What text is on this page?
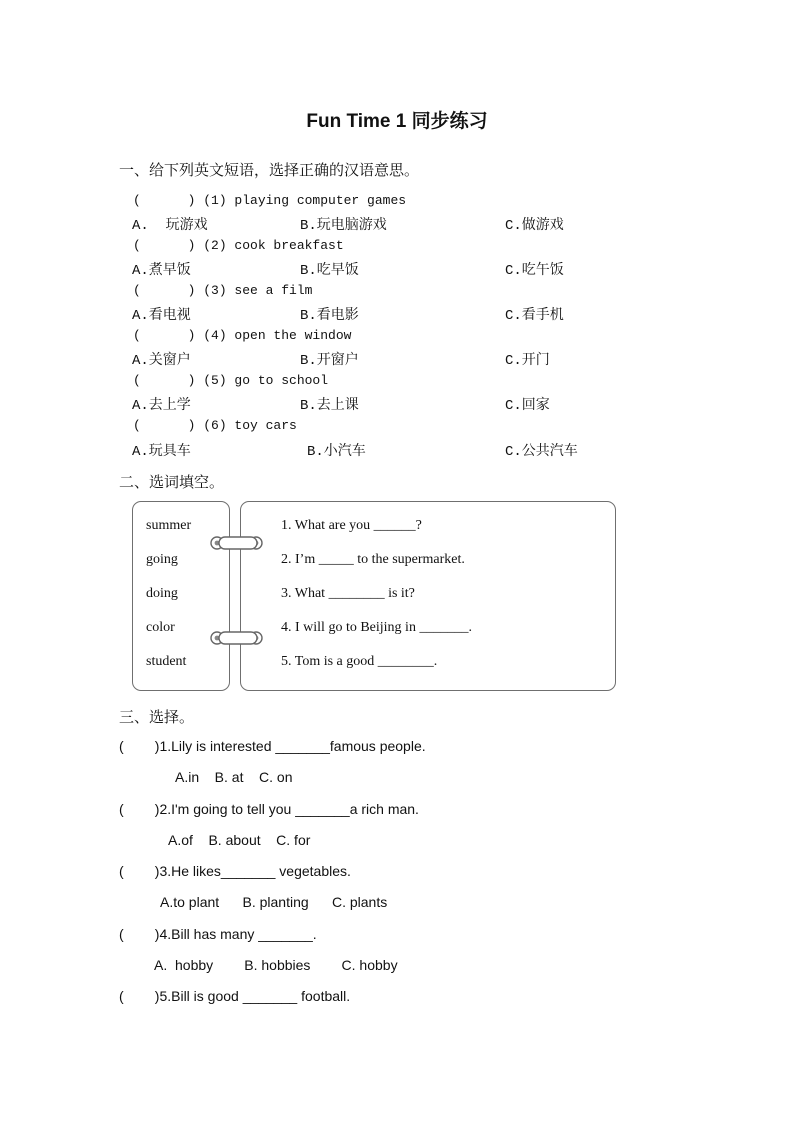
Fun Time 1 同步练习
一、给下列英文短语，选择正确的汉语意思。
(      ) (1) playing computer games
A.  玩游戏	B.玩电脑游戏	C.做游戏
(      ) (2) cook breakfast
A.煮早饭	B.吃早饭	C.吃午饭
(      ) (3) see a film
A.看电视	B.看电影	C.看手机
(      ) (4) open the window
A.关窗户	B.开窗户	C.开门
(      ) (5) go to school
A.去上学	B.去上课	C.回家
(      ) (6) toy cars
A.玩具车	B.小汽车	C.公共汽车
二、选词填空。
summer
going
doing
color
student
1. What are you ______?
2. I’m _____ to the supermarket.
3. What ________ is it?
4. I will go to Beijing in _______.
5. Tom is a good ________.
三、选择。
(        )1.Lily is interested _______famous people.
A.in    B. at    C. on
(        )2.I'm going to tell you _______a rich man.
A.of    B. about    C. for
(        )3.He likes_______ vegetables.
A.to plant      B. planting      C. plants
(        )4.Bill has many _______.
A.  hobby        B. hobbies        C. hobby
(        )5.Bill is good _______ football.
